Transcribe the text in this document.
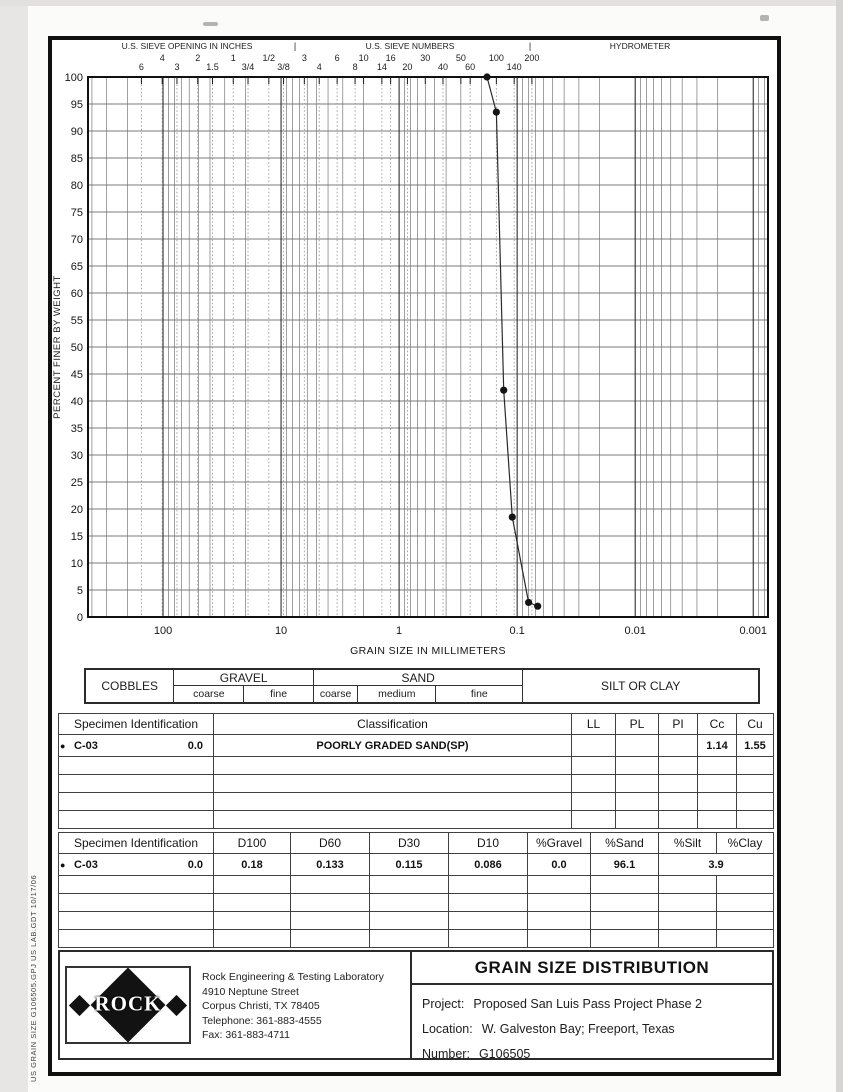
US GRAIN SIZE G106505.GPJ US LAB.GDT 10/17/06
6
4
3
2
1.5
1
3/4
1/2
3/8
3
4
6
8
10
14
16
20
30
40
50
60
100
140
200
U.S. SIEVE OPENING IN INCHES	U.S. SIEVE NUMBERS	HYDROMETER
|	|
100	10	1	0.1	0.01	0.001
GRAIN SIZE IN MILLIMETERS
0
5
10
15
20
25
30
35
40
45
50
55
60
65
70
75
80
85
90
95
100
PERCENT FINER BY WEIGHT
COBBLES
GRAVEL
coarse	fine
SAND
coarse	medium	fine
SILT OR CLAY
Specimen Identification	Classification	LL	PL	PI	Cc	Cu

● C-03 0.0	POORLY GRADED SAND(SP)				1.14	1.55

Specimen Identification	D100	D60	D30	D10	%Gravel	%Sand	%Silt	%Clay

● C-03 0.0	0.18	0.133	0.115	0.086	0.0	96.1	3.9	

ROCK
Rock Engineering & Testing Laboratory
4910 Neptune Street
Corpus Christi, TX 78405
Telephone: 361-883-4555
Fax: 361-883-4711
GRAIN SIZE DISTRIBUTION
Project: Proposed San Luis Pass Project Phase 2
Location: W. Galveston Bay; Freeport, Texas
Number: G106505
